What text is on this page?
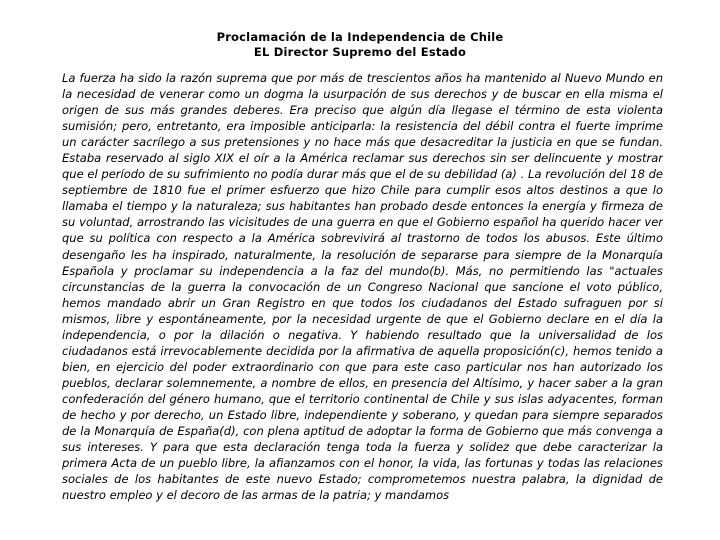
Proclamación de la Independencia de Chile
EL Director Supremo del Estado

La fuerza ha sido la razón suprema que por más de trescientos años ha mantenido al Nuevo Mundo en la necesidad de venerar como un dogma la usurpación de sus derechos y de buscar en ella misma el origen de sus más grandes deberes. Era preciso que algún día llegase el término de esta violenta sumisión; pero, entretanto, era imposible anticiparla: la resistencia del débil contra el fuerte imprime un carácter sacrílego a sus pretensiones y no hace más que desacreditar la justicia en que se fundan. Estaba reservado al siglo XIX el oír a la América reclamar sus derechos sin ser delincuente y mostrar que el período de su sufrimiento no podía durar más que el de su debilidad (a) . La revolución del 18 de septiembre de 1810 fue el primer esfuerzo que hizo Chile para cumplir esos altos destinos a que lo llamaba el tiempo y la naturaleza; sus habitantes han probado desde entonces la energía y firmeza de su voluntad, arrostrando las vicisitudes de una guerra en que el Gobierno español ha querido hacer ver que su política con respecto a la América sobrevivirá al trastorno de todos los abusos. Este último desengaño les ha inspirado, naturalmente, la resolución de separarse para siempre de la Monarquía Española y proclamar su independencia a la faz del mundo(b). Más, no permitiendo las "actuales circunstancias de la guerra la convocación de un Congreso Nacional que sancione el voto público, hemos mandado abrir un Gran Registro en que todos los ciudadanos del Estado sufraguen por sí mismos, libre y espontáneamente, por la necesidad urgente de que el Gobierno declare en el día la independencia, o por la dilación o negativa. Y habiendo resultado que la universalidad de los ciudadanos está irrevocablemente decidida por la afirmativa de aquella proposición(c), hemos tenido a bien, en ejercicio del poder extraordinario con que para este caso particular nos han autorizado los pueblos, declarar solemnemente, a nombre de ellos, en presencia del Altísimo, y hacer saber a la gran confederación del género humano, que el territorio continental de Chile y sus islas adyacentes, forman de hecho y por derecho, un Estado libre, independiente y soberano, y quedan para siempre separados de la Monarquía de España(d), con plena aptitud de adoptar la forma de Gobierno que más convenga a sus intereses. Y para que esta declaración tenga toda la fuerza y solidez que debe caracterizar la primera Acta de un pueblo libre, la afianzamos con el honor, la vida, las fortunas y todas las relaciones sociales de los habitantes de este nuevo Estado; comprometemos nuestra palabra, la dignidad de nuestro empleo y el decoro de las armas de la patria; y mandamos
